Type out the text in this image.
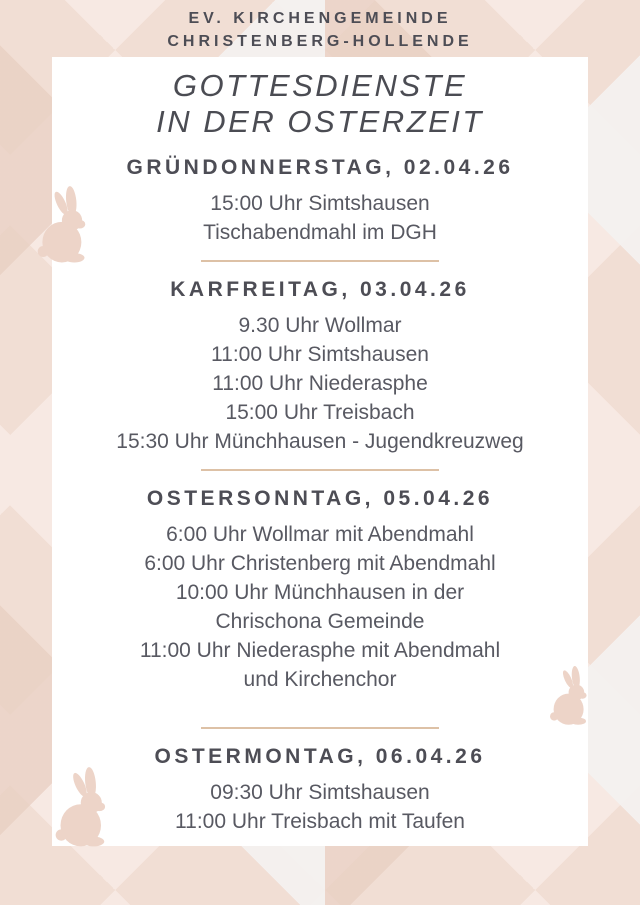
EV. KIRCHENGEMEINDE
CHRISTENBERG-HOLLENDE
GOTTESDIENSTE
IN DER OSTERZEIT
GRÜNDONNERSTAG, 02.04.26
15:00 Uhr Simtshausen
Tischabendmahl im DGH
KARFREITAG, 03.04.26
9.30 Uhr Wollmar
11:00 Uhr Simtshausen
11:00 Uhr Niederasphe
15:00 Uhr Treisbach
15:30 Uhr Münchhausen - Jugendkreuzweg
OSTERSONNTAG, 05.04.26
6:00 Uhr Wollmar mit Abendmahl
6:00 Uhr Christenberg mit Abendmahl
10:00 Uhr Münchhausen in der
Chrischona Gemeinde
11:00 Uhr Niederasphe mit Abendmahl
und Kirchenchor
OSTERMONTAG, 06.04.26
09:30 Uhr Simtshausen
11:00 Uhr Treisbach mit Taufen
